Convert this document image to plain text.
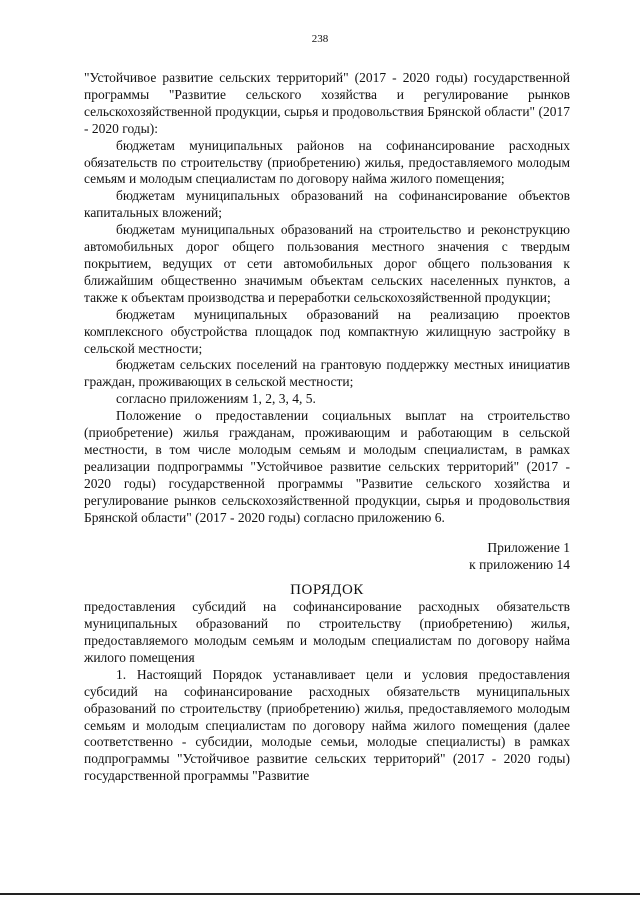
238

"Устойчивое развитие сельских территорий" (2017 - 2020 годы) государственной программы "Развитие сельского хозяйства и регулирование рынков сельскохозяйственной продукции, сырья и продовольствия Брянской области" (2017 - 2020 годы):

бюджетам муниципальных районов на софинансирование расходных обязательств по строительству (приобретению) жилья, предоставляемого молодым семьям и молодым специалистам по договору найма жилого помещения;

бюджетам муниципальных образований на софинансирование объектов капитальных вложений;

бюджетам муниципальных образований на строительство и реконструкцию автомобильных дорог общего пользования местного значения с твердым покрытием, ведущих от сети автомобильных дорог общего пользования к ближайшим общественно значимым объектам сельских населенных пунктов, а также к объектам производства и переработки сельскохозяйственной продукции;

бюджетам муниципальных образований на реализацию проектов комплексного обустройства площадок под компактную жилищную застройку в сельской местности;

бюджетам сельских поселений на грантовую поддержку местных инициатив граждан, проживающих в сельской местности;

согласно приложениям 1, 2, 3, 4, 5.

Положение о предоставлении социальных выплат на строительство (приобретение) жилья гражданам, проживающим и работающим в сельской местности, в том числе молодым семьям и молодым специалистам, в рамках реализации подпрограммы "Устойчивое развитие сельских территорий" (2017 - 2020 годы) государственной программы "Развитие сельского хозяйства и регулирование рынков сельскохозяйственной продукции, сырья и продовольствия Брянской области" (2017 - 2020 годы) согласно приложению 6.

Приложение 1
к приложению 14
ПОРЯДОК

предоставления субсидий на софинансирование расходных обязательств муниципальных образований по строительству (приобретению) жилья, предоставляемого молодым семьям и молодым специалистам по договору найма жилого помещения

1. Настоящий Порядок устанавливает цели и условия предоставления субсидий на софинансирование расходных обязательств муниципальных образований по строительству (приобретению) жилья, предоставляемого молодым семьям и молодым специалистам по договору найма жилого помещения (далее соответственно - субсидии, молодые семьи, молодые специалисты) в рамках подпрограммы "Устойчивое развитие сельских территорий" (2017 - 2020 годы) государственной программы "Развитие
